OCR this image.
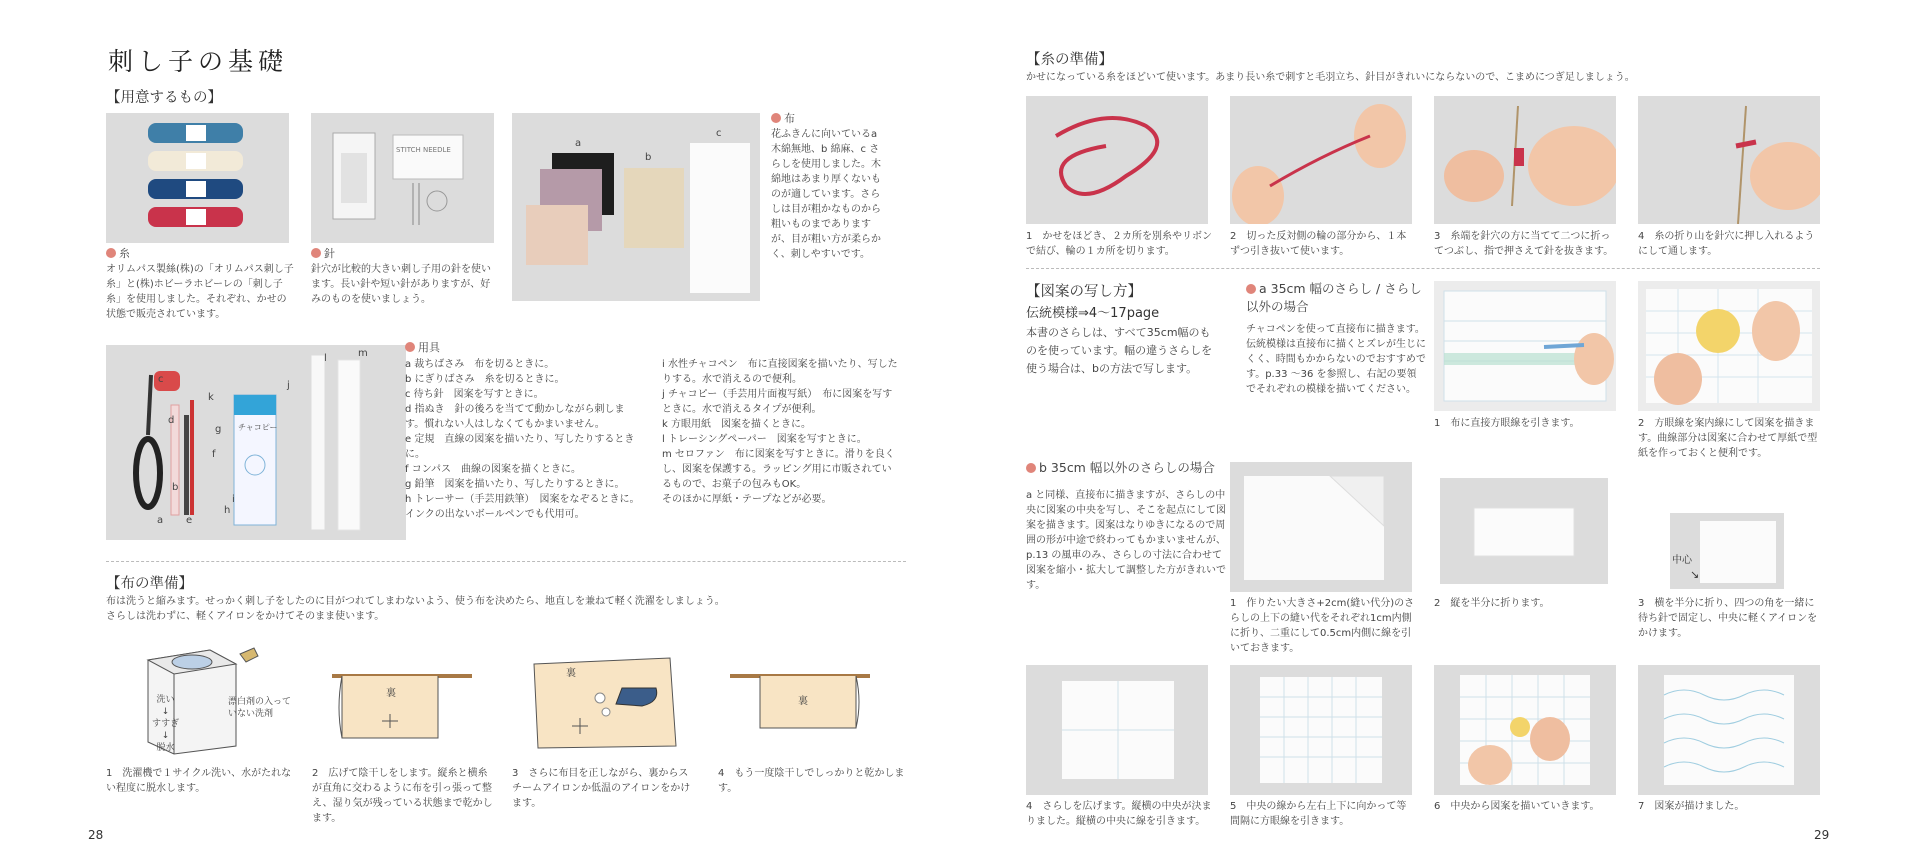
刺し子の基礎
【用意するもの】
糸
オリムパス製絲(株)の「オリムパス刺し子糸」と(株)ホビーラホビーレの「刺し子糸」を使用しました。それぞれ、かせの状態で販売されています。
STITCH NEEDLE
針
針穴が比較的大きい刺し子用の針を使います。長い針や短い針がありますが、好みのものを使いましょう。
a
b
c
布
花ふきんに向いているa 木綿無地、b 綿麻、c さらしを使用しました。木綿地はあまり厚くないものが適しています。さらしは目が粗かなものから粗いものまでありますが、目が粗い方が柔らかく、刺しやすいです。
a
b
c
d
e
f
g
h
i
j
k
l	m
チャコピー
用具
a 裁ちばさみ　布を切るときに。
b にぎりばさみ　糸を切るときに。
c 待ち針　図案を写すときに。
d 指ぬき　針の後ろを当てて動かしながら刺します。慣れない人はしなくてもかまいません。
e 定規　直線の図案を描いたり、写したりするときに。
f コンパス　曲線の図案を描くときに。
g 鉛筆　図案を描いたり、写したりするときに。
h トレーサー（手芸用鉄筆）　図案をなぞるときに。インクの出ないボールペンでも代用可。
i 水性チャコペン　布に直接図案を描いたり、写したりする。水で消えるので便利。
j チャコピー（手芸用片面複写紙）　布に図案を写すときに。水で消えるタイプが便利。
k 方眼用紙　図案を描くときに。
l トレーシングペーパー　図案を写すときに。
m セロファン　布に図案を写すときに。滑りを良くし、図案を保護する。ラッピング用に市販されているもので、お菓子の包みもOK。
そのほかに厚紙・テープなどが必要。
【布の準備】
布は洗うと縮みます。せっかく刺し子をしたのに目がつれてしまわないよう、使う布を決めたら、地直しを兼ねて軽く洗濯をしましょう。
さらしは洗わずに、軽くアイロンをかけてそのまま使います。
洗い
↓
すすぎ
↓
脱水
漂白剤の入っていない洗剤
裏
裏
裏
1　洗濯機で１サイクル洗い、水がたれない程度に脱水します。
2　広げて陰干しをします。縦糸と横糸が直角に交わるように布を引っ張って整え、湿り気が残っている状態まで乾かします。
3　さらに布目を正しながら、裏からスチームアイロンか低温のアイロンをかけます。
4　もう一度陰干しでしっかりと乾かします。
28
【糸の準備】
かせになっている糸をほどいて使います。あまり長い糸で刺すと毛羽立ち、針目がきれいにならないので、こまめにつぎ足しましょう。
1　かせをほどき、２カ所を別糸やリボンで結び、輪の１カ所を切ります。
2　切った反対側の輪の部分から、１本ずつ引き抜いて使います。
3　糸端を針穴の方に当てて二つに折ってつぶし、指で押さえて針を抜きます。
4　糸の折り山を針穴に押し入れるようにして通します。
【図案の写し方】
伝統模様⇒4～17page
本書のさらしは、すべて35cm幅のものを使っています。幅の違うさらしを使う場合は、bの方法で写します。
a 35cm 幅のさらし / さらし以外の場合
チャコペンを使って直接布に描きます。伝統模様は直接布に描くとズレが生じにくく、時間もかからないのでおすすめです。p.33 ～36 を参照し、右記の要領でそれぞれの模様を描いてください。
1　布に直接方眼線を引きます。	2　方眼線を案内線にして図案を描きます。曲線部分は図案に合わせて厚紙で型紙を作っておくと便利です。
b 35cm 幅以外のさらしの場合
a と同様、直接布に描きますが、さらしの中央に図案の中央を写し、そこを起点にして図案を描きます。図案はなりゆきになるので周囲の形が中途で終わってもかまいませんが、p.13 の風車のみ、さらしの寸法に合わせて図案を縮小・拡大して調整した方がきれいです。
中心
↘
1　作りたい大きさ+2cm(縫い代分)のさらしの上下の縫い代をそれぞれ1cm内側に折り、二重にして0.5cm内側に線を引いておきます。
2　縦を半分に折ります。	3　横を半分に折り、四つの角を一緒に待ち針で固定し、中央に軽くアイロンをかけます。
4　さらしを広げます。縦横の中央が決まりました。縦横の中央に線を引きます。
5　中央の線から左右上下に向かって等間隔に方眼線を引きます。
6　中央から図案を描いていきます。	7　図案が描けました。
29
